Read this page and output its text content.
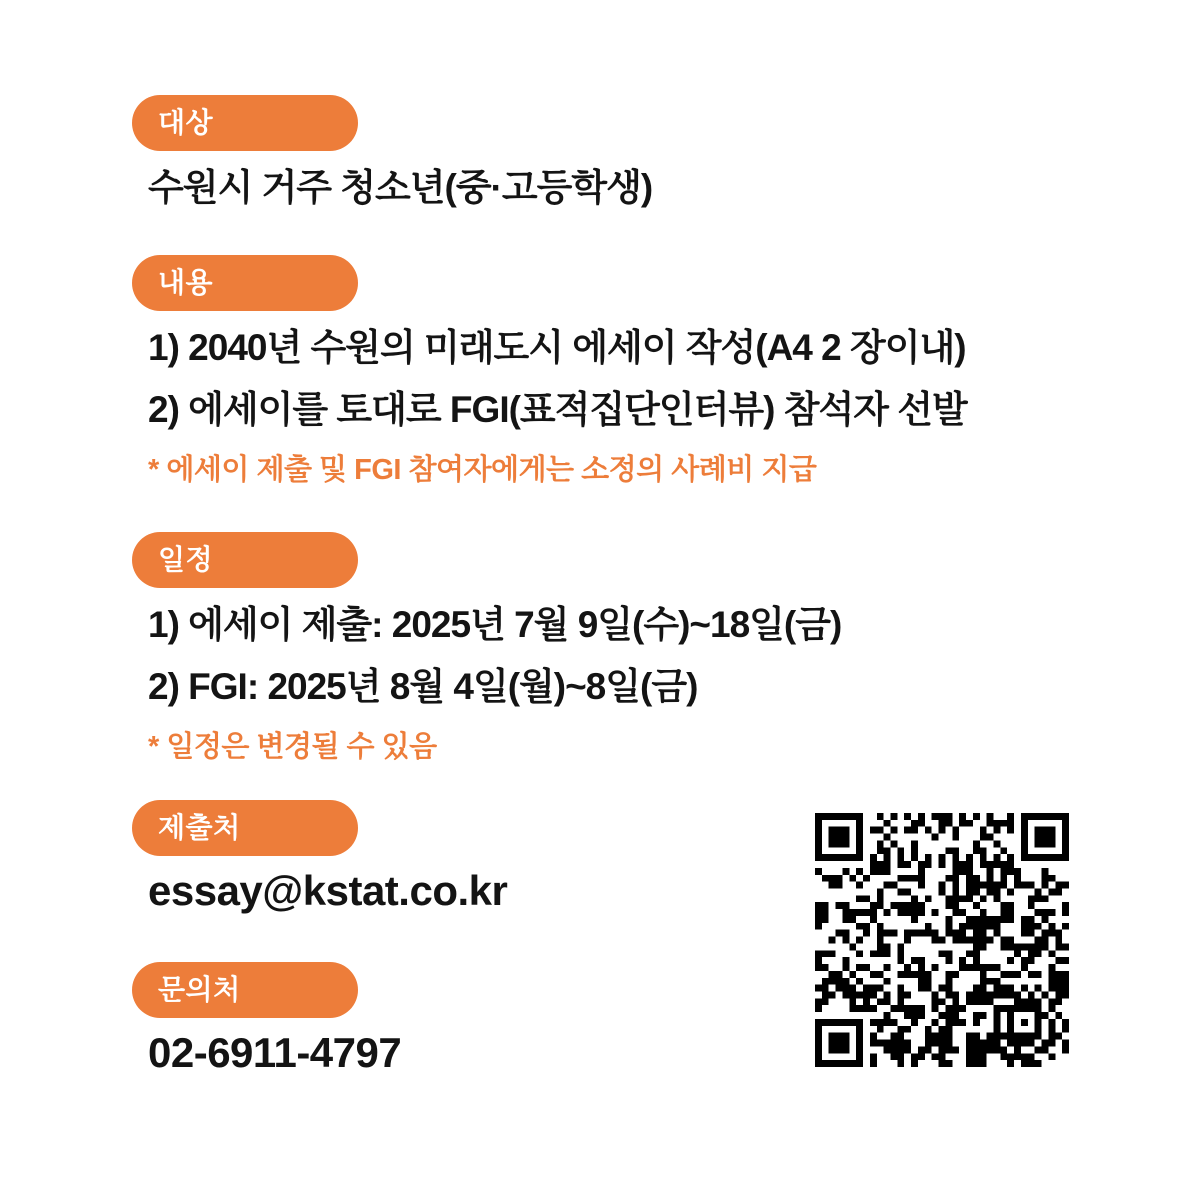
대상
수원시 거주 청소년(중·고등학생)
내용
1) 2040년 수원의 미래도시 에세이 작성(A4 2 장이내)
2) 에세이를 토대로 FGI(표적집단인터뷰) 참석자 선발
* 에세이 제출 및 FGI 참여자에게는 소정의 사례비 지급
일정
1) 에세이 제출: 2025년 7월 9일(수)~18일(금)
2) FGI: 2025년 8월 4일(월)~8일(금)
* 일정은 변경될 수 있음
제출처
essay@kstat.co.kr
문의처
02-6911-4797
